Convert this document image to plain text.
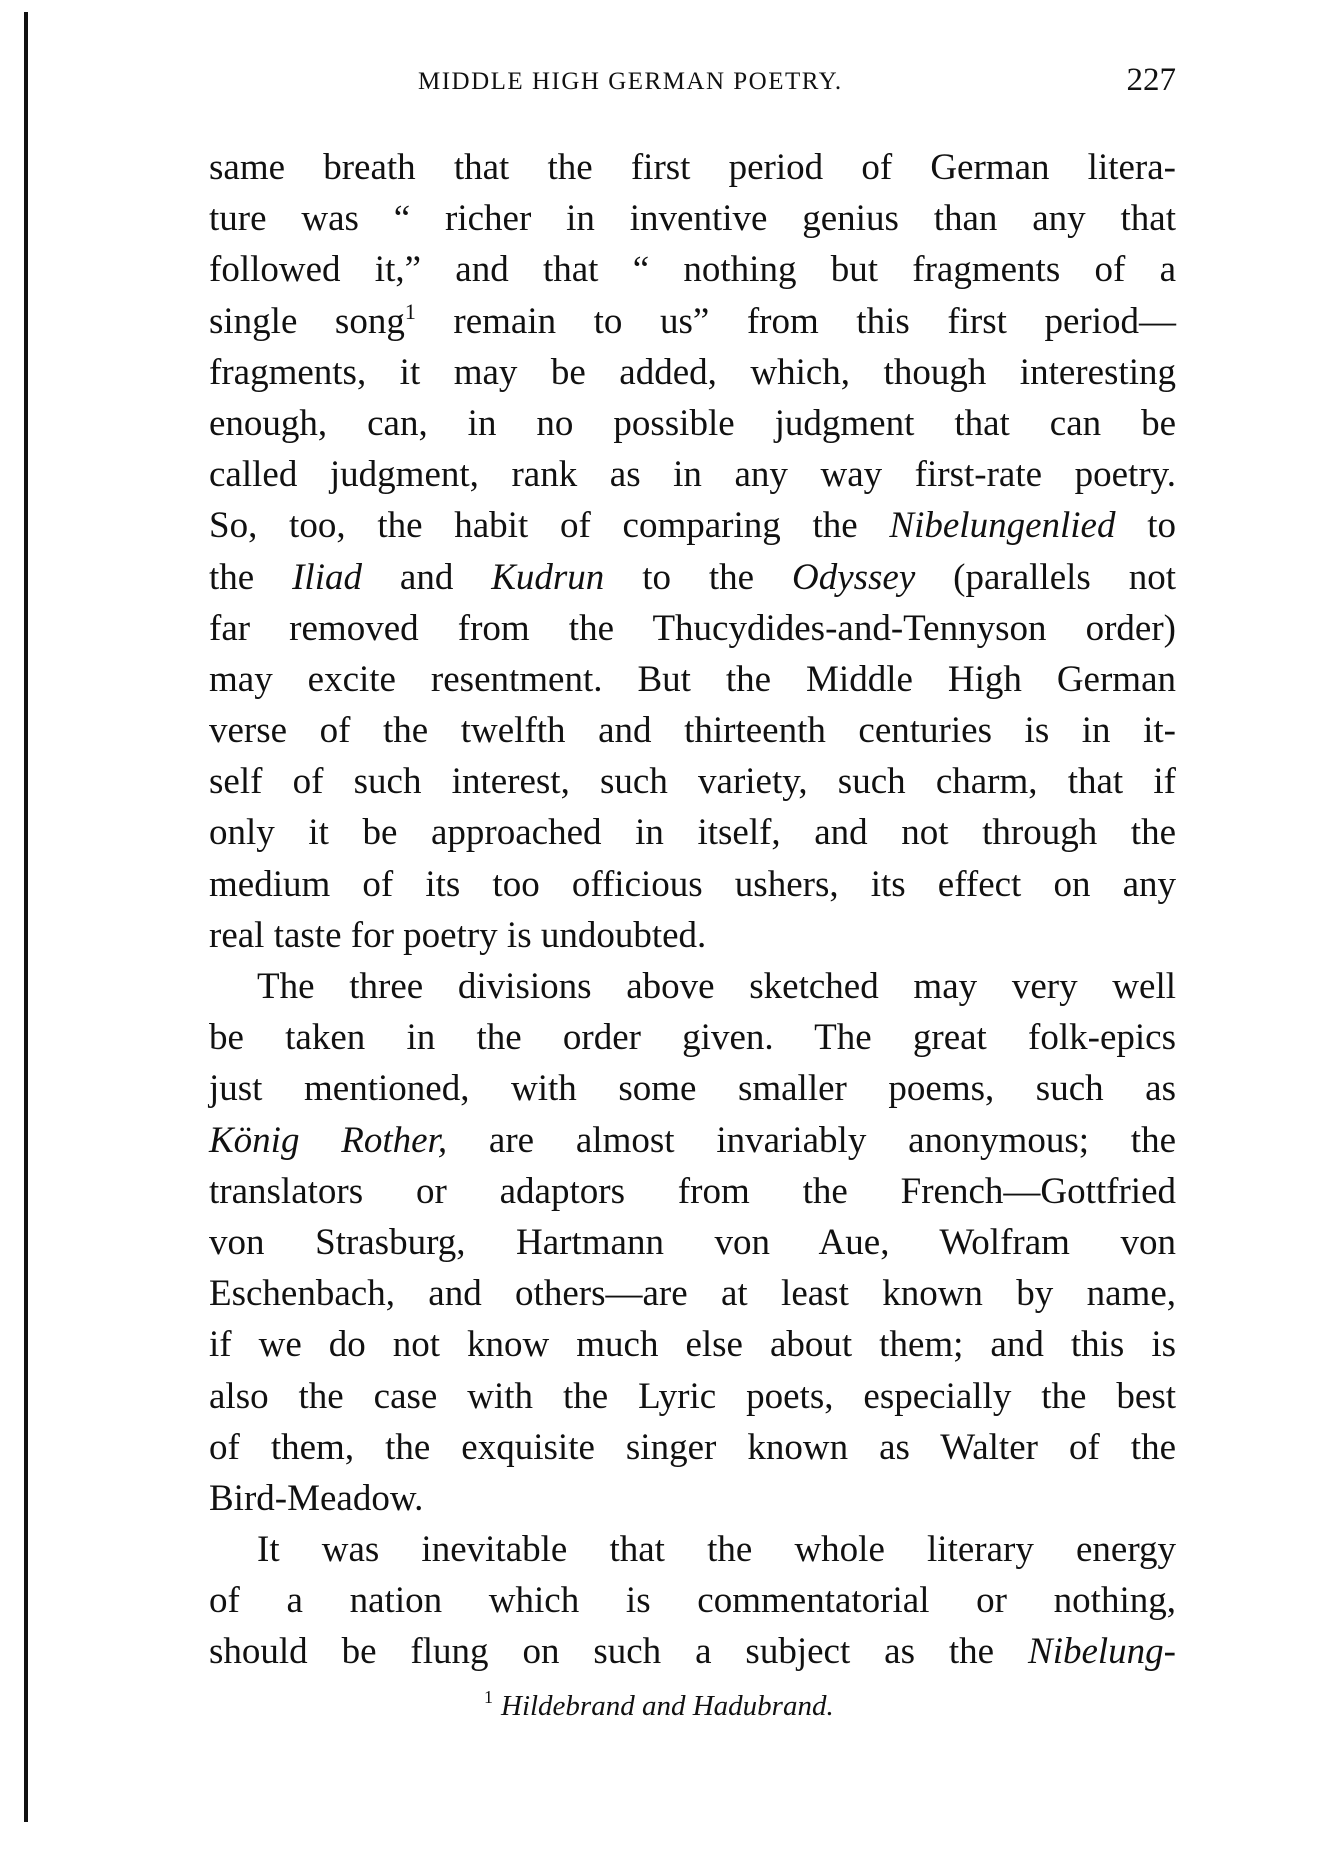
MIDDLE HIGH GERMAN POETRY.	227
same breath that the first period of German litera-
ture was “ richer in inventive genius than any that
followed it,” and that “ nothing but fragments of a
single song$^1$ remain to us” from this first period—
fragments, it may be added, which, though interesting
enough, can, in no possible judgment that can be
called judgment, rank as in any way first-rate poetry.
So, too, the habit of comparing the Nibelungenlied to
the Iliad and Kudrun to the Odyssey (parallels not
far removed from the Thucydides-and-Tennyson order)
may excite resentment. But the Middle High German
verse of the twelfth and thirteenth centuries is in it-
self of such interest, such variety, such charm, that if
only it be approached in itself, and not through the
medium of its too officious ushers, its effect on any
real taste for poetry is undoubted.
The three divisions above sketched may very well
be taken in the order given. The great folk-epics
just mentioned, with some smaller poems, such as
König Rother, are almost invariably anonymous; the
translators or adaptors from the French—Gottfried
von Strasburg, Hartmann von Aue, Wolfram von
Eschenbach, and others—are at least known by name,
if we do not know much else about them; and this is
also the case with the Lyric poets, especially the best
of them, the exquisite singer known as Walter of the
Bird-Meadow.
It was inevitable that the whole literary energy
of a nation which is commentatorial or nothing,
should be flung on such a subject as the Nibelung-
$^1$ Hildebrand and Hadubrand.
